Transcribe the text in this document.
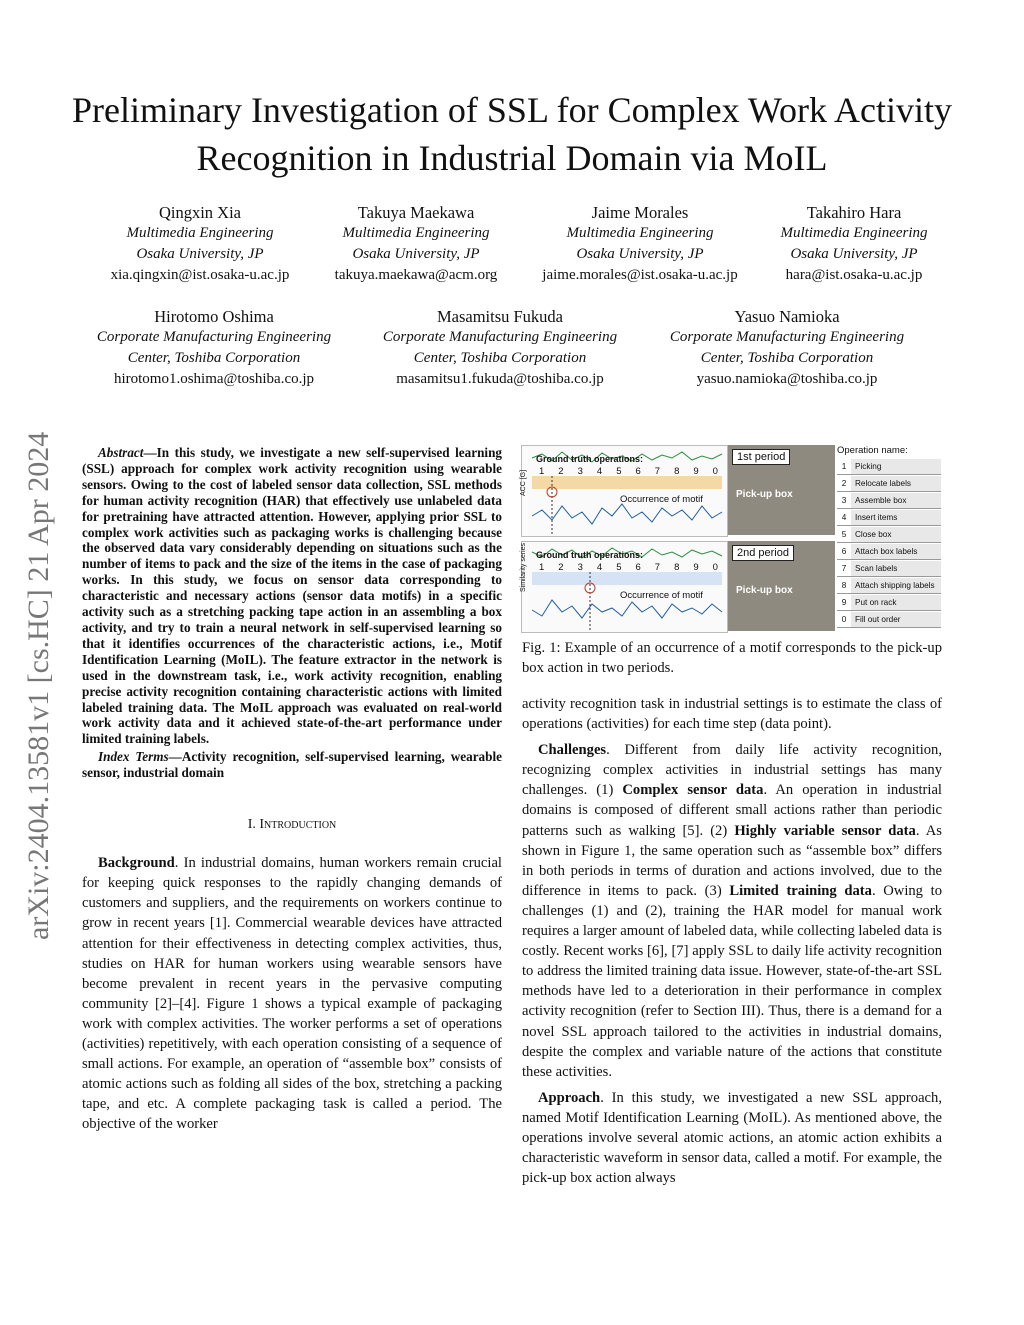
arXiv:2404.13581v1 [cs.HC] 21 Apr 2024
Preliminary Investigation of SSL for Complex Work Activity Recognition in Industrial Domain via MoIL
Qingxin Xia
Multimedia Engineering
Osaka University, JP
xia.qingxin@ist.osaka-u.ac.jp
Takuya Maekawa
Multimedia Engineering
Osaka University, JP
takuya.maekawa@acm.org
Jaime Morales
Multimedia Engineering
Osaka University, JP
jaime.morales@ist.osaka-u.ac.jp
Takahiro Hara
Multimedia Engineering
Osaka University, JP
hara@ist.osaka-u.ac.jp
Hirotomo Oshima
Corporate Manufacturing Engineering
Center, Toshiba Corporation
hirotomo1.oshima@toshiba.co.jp
Masamitsu Fukuda
Corporate Manufacturing Engineering
Center, Toshiba Corporation
masamitsu1.fukuda@toshiba.co.jp
Yasuo Namioka
Corporate Manufacturing Engineering
Center, Toshiba Corporation
yasuo.namioka@toshiba.co.jp

Abstract—In this study, we investigate a new self-supervised learning (SSL) approach for complex work activity recognition using wearable sensors. Owing to the cost of labeled sensor data collection, SSL methods for human activity recognition (HAR) that effectively use unlabeled data for pretraining have attracted attention. However, applying prior SSL to complex work activities such as packaging works is challenging because the observed data vary considerably depending on situations such as the number of items to pack and the size of the items in the case of packaging works. In this study, we focus on sensor data corresponding to characteristic and necessary actions (sensor data motifs) in a specific activity such as a stretching packing tape action in an assembling a box activity, and try to train a neural network in self-supervised learning so that it identifies occurrences of the characteristic actions, i.e., Motif Identification Learning (MoIL). The feature extractor in the network is used in the downstream task, i.e., work activity recognition, enabling precise activity recognition containing characteristic actions with limited labeled training data. The MoIL approach was evaluated on real-world work activity data and it achieved state-of-the-art performance under limited training labels.

Index Terms—Activity recognition, self-supervised learning, wearable sensor, industrial domain

I. Introduction

Background. In industrial domains, human workers remain crucial for keeping quick responses to the rapidly changing demands of customers and suppliers, and the requirements on workers continue to grow in recent years [1]. Commercial wearable devices have attracted attention for their effectiveness in detecting complex activities, thus, studies on HAR for human workers using wearable sensors have become prevalent in recent years in the pervasive computing community [2]–[4]. Figure 1 shows a typical example of packaging work with complex activities. The worker performs a set of operations (activities) repetitively, with each operation consisting of a sequence of small actions. For example, an operation of “assemble box” consists of atomic actions such as folding all sides of the box, stretching a packing tape, and etc. A complete packaging task is called a period. The objective of the worker

ACC [G]
Ground truth operations:
1	2	3	4	5	6	7	8	9	0
Occurrence of motif
Similarity series Ground truth operations:
1	2	3	4	5	6	7	8	9	0
Occurrence of motif
1st period
Pick-up box
2nd period
Pick-up box
Operation name:
1	Picking
2	Relocate labels
3	Assemble box
4	Insert items
5	Close box
6	Attach box labels
7	Scan labels
8	Attach shipping labels
9	Put on rack
0	Fill out order

Fig. 1: Example of an occurrence of a motif corresponds to the pick-up box action in two periods.

activity recognition task in industrial settings is to estimate the class of operations (activities) for each time step (data point).

Challenges. Different from daily life activity recognition, recognizing complex activities in industrial settings has many challenges. (1) Complex sensor data. An operation in industrial domains is composed of different small actions rather than periodic patterns such as walking [5]. (2) Highly variable sensor data. As shown in Figure 1, the same operation such as “assemble box” differs in both periods in terms of duration and actions involved, due to the difference in items to pack. (3) Limited training data. Owing to challenges (1) and (2), training the HAR model for manual work requires a larger amount of labeled data, while collecting labeled data is costly. Recent works [6], [7] apply SSL to daily life activity recognition to address the limited training data issue. However, state-of-the-art SSL methods have led to a deterioration in their performance in complex activity recognition (refer to Section III). Thus, there is a demand for a novel SSL approach tailored to the activities in industrial domains, despite the complex and variable nature of the actions that constitute these activities.

Approach. In this study, we investigated a new SSL approach, named Motif Identification Learning (MoIL). As mentioned above, the operations involve several atomic actions, an atomic action exhibits a characteristic waveform in sensor data, called a motif. For example, the pick-up box action always
